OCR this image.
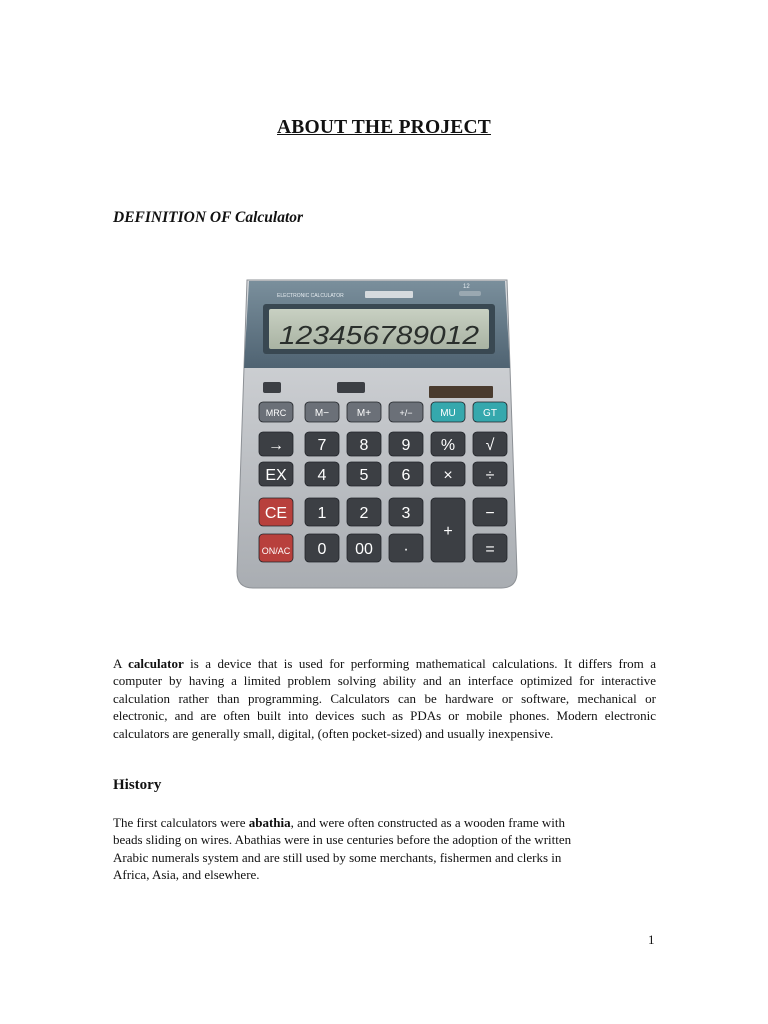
ABOUT THE PROJECT
DEFINITION OF Calculator
ELECTRONIC CALCULATOR
12
123456789012
MRC	M−	M+	+/−	MU	GT
→ 7 8 9 % √
EX 4 5 6 × ÷
CE 1 2 3
+
−
ON/AC 0 00 ·	=
A calculator is a device that is used for performing mathematical calculations. It differs from a computer by having a limited problem solving ability and an interface optimized for interactive calculation rather than programming. Calculators can be hardware or software, mechanical or electronic, and are often built into devices such as PDAs or mobile phones. Modern electronic calculators are generally small, digital, (often pocket-sized) and usually inexpensive.
History
The first calculators were abathia, and were often constructed as a wooden frame with
beads sliding on wires. Abathias were in use centuries before the adoption of the written
Arabic numerals system and are still used by some merchants, fishermen and clerks in
Africa, Asia, and elsewhere.
1
